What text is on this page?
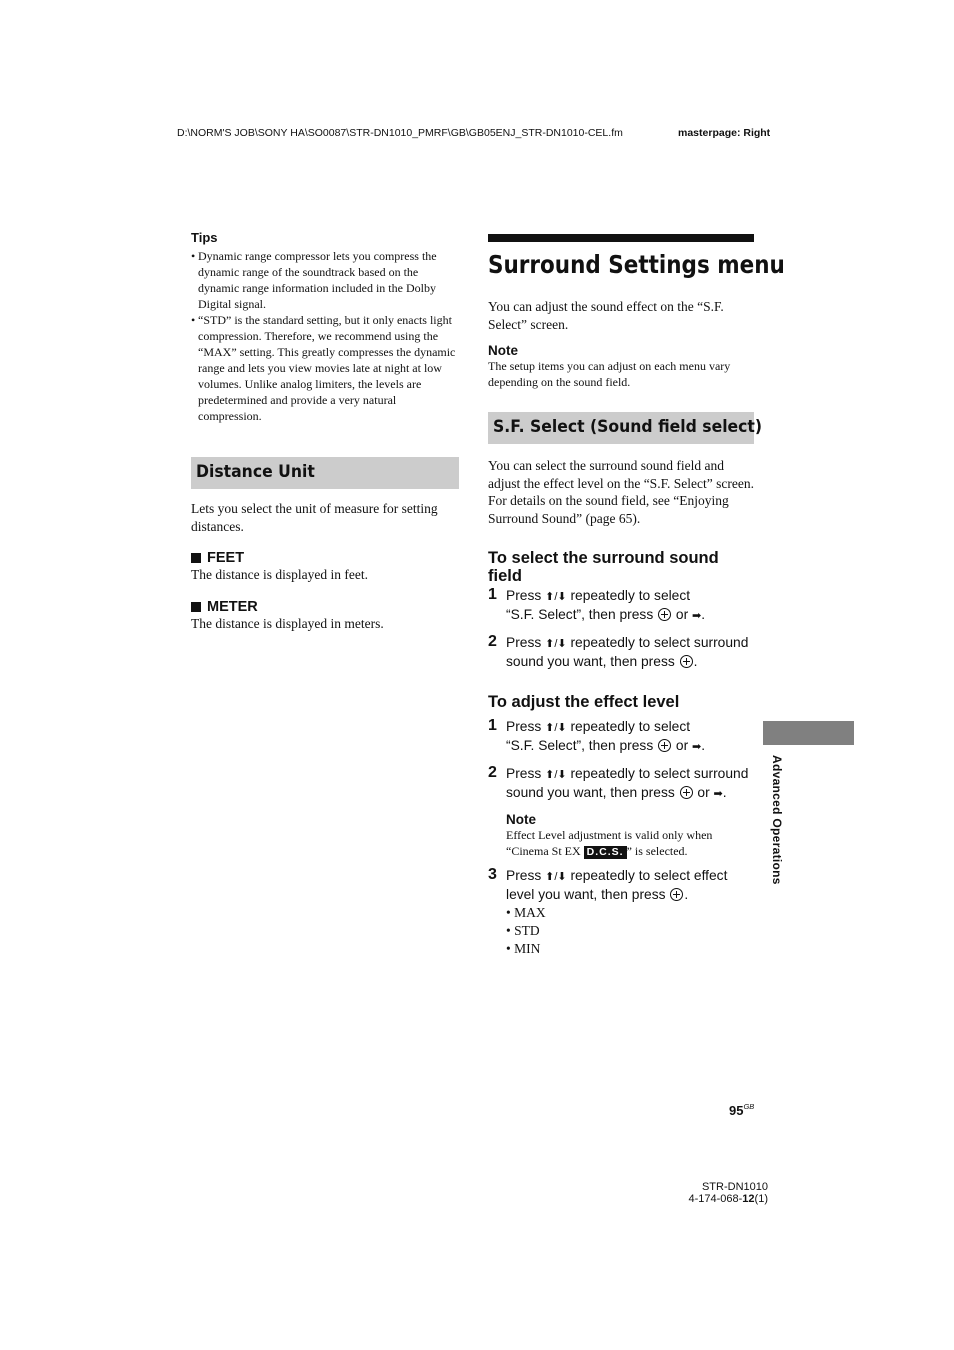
D:\NORM'S JOB\SONY HA\SO0087\STR-DN1010_PMRF\GB\GB05ENJ_STR-DN1010-CEL.fm	masterpage: Right
Tips

• Dynamic range compressor lets you compress the dynamic range of the soundtrack based on the dynamic range information included in the Dolby Digital signal.

• “STD” is the standard setting, but it only enacts light compression. Therefore, we recommend using the “MAX” setting. This greatly compresses the dynamic range and lets you view movies late at night at low volumes. Unlike analog limiters, the levels are predetermined and provide a very natural compression.

Distance Unit

Lets you select the unit of measure for setting distances.

FEET

The distance is displayed in feet.

METER

The distance is displayed in meters.

Surround Settings menu

You can adjust the sound effect on the “S.F. Select” screen.

Note

The setup items you can adjust on each menu vary depending on the sound field.

S.F. Select (Sound field select)

You can select the surround sound field and adjust the effect level on the “S.F. Select” screen.

For details on the sound field, see “Enjoying Surround Sound” (page 65).

To select the surround sound field

1 Press ⬆/⬇ repeatedly to select
“S.F. Select”, then press  or ➡.

2 Press ⬆/⬇ repeatedly to select surround sound you want, then press .

To adjust the effect level

1 Press ⬆/⬇ repeatedly to select
“S.F. Select”, then press  or ➡.

2 Press ⬆/⬇ repeatedly to select surround sound you want, then press  or ➡.

Note

Effect Level adjustment is valid only when “Cinema St EX D.C.S. ” is selected.

3 Press ⬆/⬇ repeatedly to select effect level you want, then press .

• MAX

• STD

• MIN

Advanced Operations
$95^{GB}$
STR-DN1010
4-174-068-12(1)
